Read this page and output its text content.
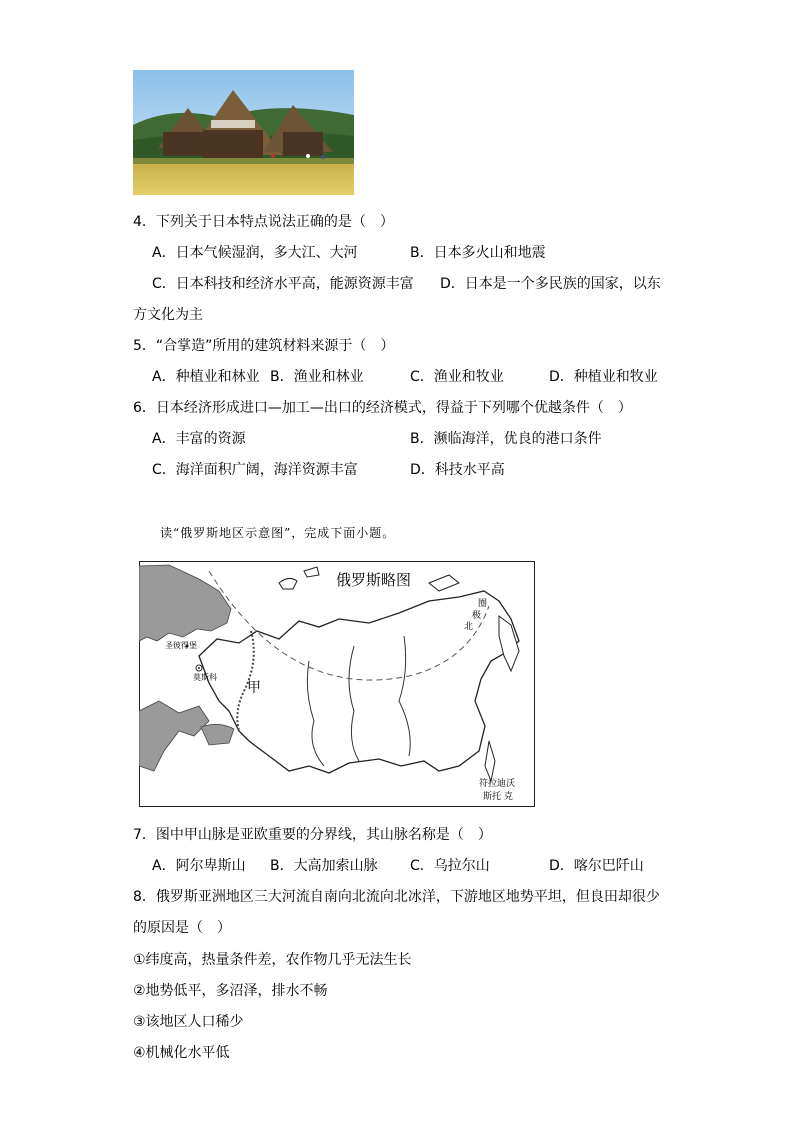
4．下列关于日本特点说法正确的是（　）
A．日本气候湿润，多大江、大河	B．日本多火山和地震
C．日本科技和经济水平高，能源资源丰富 D．日本是一个多民族的国家，以东
方文化为主
5．“合掌造”所用的建筑材料来源于（　）
A．种植业和林业 B．渔业和林业	C．渔业和牧业	D．种植业和牧业
6．日本经济形成进口—加工—出口的经济模式，得益于下列哪个优越条件（　）
A．丰富的资源	B．濒临海洋，优良的港口条件
C．海洋面积广阔，海洋资源丰富	D．科技水平高
读“俄罗斯地区示意图”，完成下面小题。
俄罗斯略图
圣彼得堡
莫斯科
甲
圈
极
北
符拉迪沃
斯托 克
7．图中甲山脉是亚欧重要的分界线，其山脉名称是（　）
A．阿尔卑斯山 B．大高加索山脉 C．乌拉尔山	D．喀尔巴阡山
8．俄罗斯亚洲地区三大河流自南向北流向北冰洋，下游地区地势平坦，但良田却很少
的原因是（　）
①纬度高，热量条件差，农作物几乎无法生长
②地势低平，多沼泽，排水不畅
③该地区人口稀少
④机械化水平低
